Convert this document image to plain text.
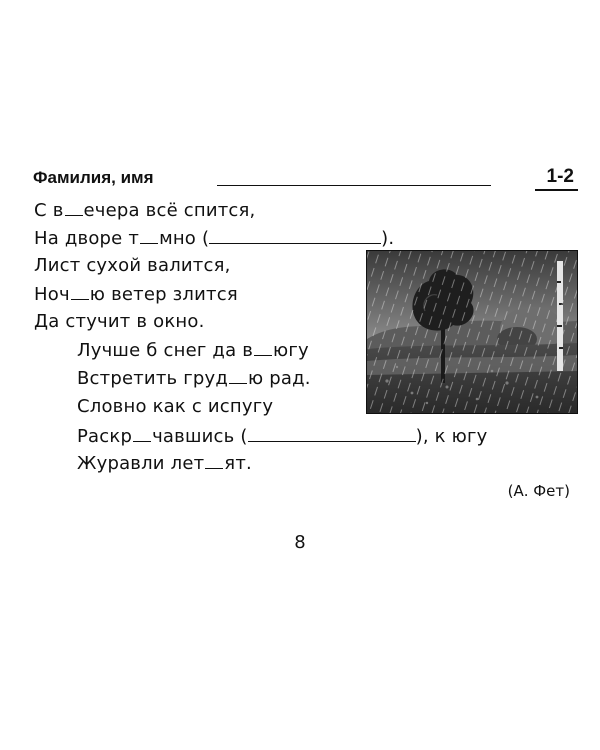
Фамилия, имя	1-2
С в ечера всё спится,
На дворе т мно (	).
Лист сухой валится,
Ноч ю ветер злится
Да стучит в окно.
Лучше б снег да в югу
Встретить груд ю рад.
Словно как с испугу
Раскр чавшись (	), к югу
Журавли лет ят.
(А. Фет)
8
